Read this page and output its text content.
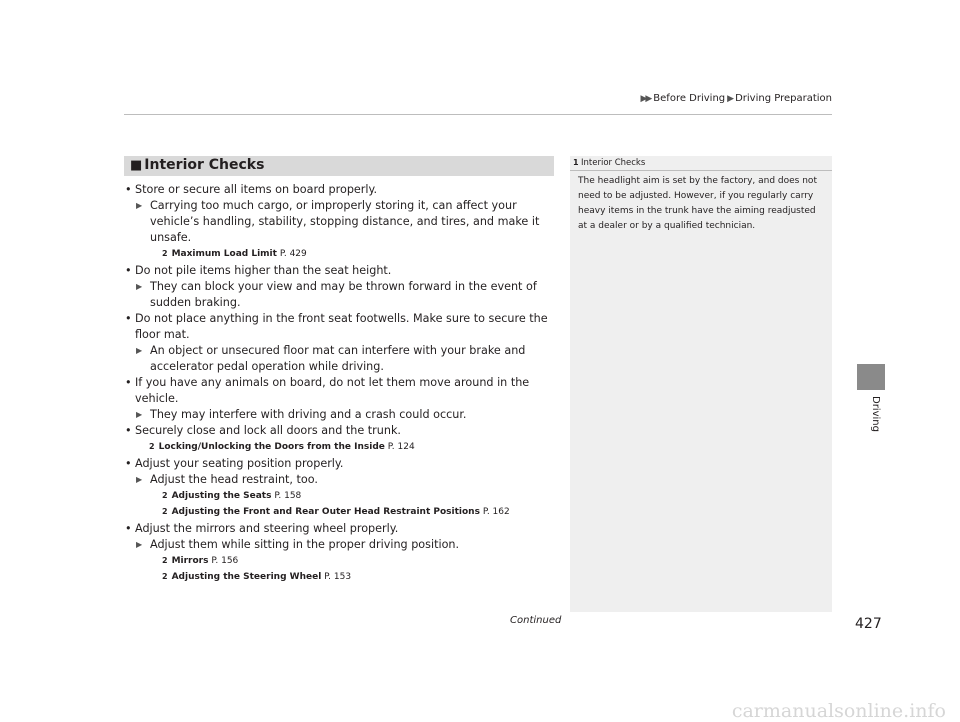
▶▶ Before Driving ▶ Driving Preparation
Driving
■ Interior Checks
• Store or secure all items on board properly.
▶ Carrying too much cargo, or improperly storing it, can affect your vehicle’s handling, stability, stopping distance, and tires, and make it unsafe.
2 Maximum Load Limit P. 429
• Do not pile items higher than the seat height.
▶ They can block your view and may be thrown forward in the event of sudden braking.
• Do not place anything in the front seat footwells. Make sure to secure the floor mat.
▶ An object or unsecured floor mat can interfere with your brake and accelerator pedal operation while driving.
• If you have any animals on board, do not let them move around in the vehicle.
▶ They may interfere with driving and a crash could occur.
• Securely close and lock all doors and the trunk.
2 Locking/Unlocking the Doors from the Inside P. 124
• Adjust your seating position properly.
▶ Adjust the head restraint, too.
2 Adjusting the Seats P. 158
2 Adjusting the Front and Rear Outer Head Restraint Positions P. 162
• Adjust the mirrors and steering wheel properly.
▶ Adjust them while sitting in the proper driving position.
2 Mirrors P. 156
2 Adjusting the Steering Wheel P. 153
1 Interior Checks
The headlight aim is set by the factory, and does not need to be adjusted. However, if you regularly carry heavy items in the trunk have the aiming readjusted at a dealer or by a qualified technician.
Continued	427
carmanualsonline.info
